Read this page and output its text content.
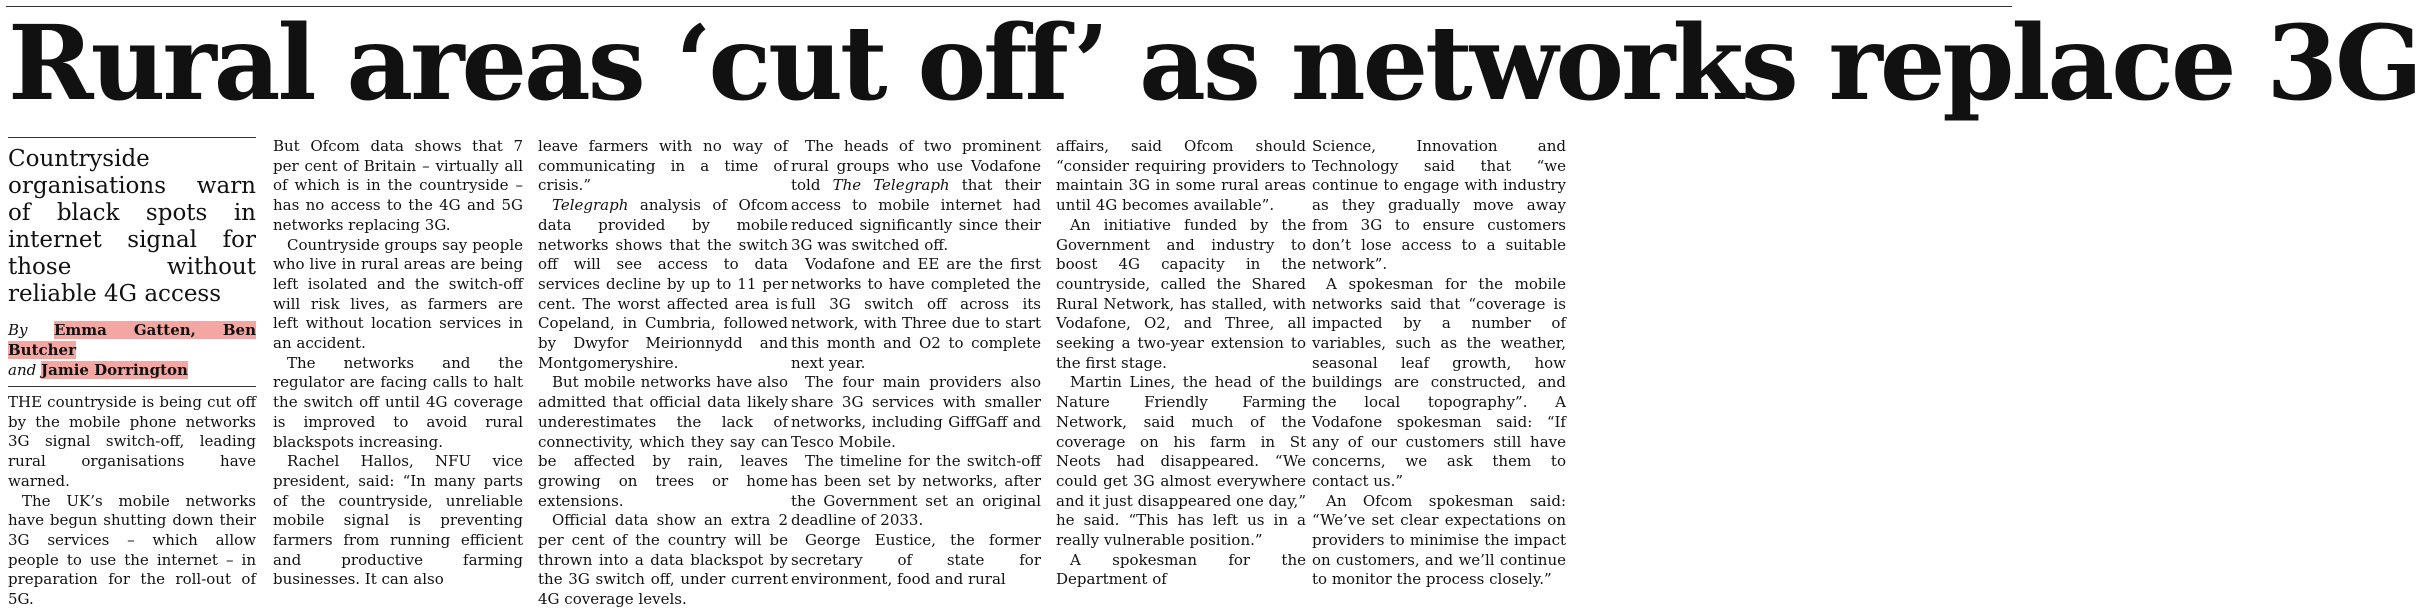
Rural areas ‘cut off’ as networks replace 3G

Countryside organisations warn of black spots in internet signal for those without reliable 4G access

By Emma Gatten, Ben Butcher
and Jamie Dorrington

THE countryside is being cut off by the mobile phone networks 3G signal switch-off, leading rural organisations have warned.

The UK’s mobile networks have begun shutting down their 3G services – which allow people to use the internet – in preparation for the roll-out of 5G.

But Ofcom data shows that 7 per cent of Britain – virtually all of which is in the countryside – has no access to the 4G and 5G networks replacing 3G.

Countryside groups say people who live in rural areas are being left isolated and the switch-off will risk lives, as farmers are left without location services in an accident.

The networks and the regulator are facing calls to halt the switch off until 4G coverage is improved to avoid rural blackspots increasing.

Rachel Hallos, NFU vice president, said: “In many parts of the countryside, unreliable mobile signal is preventing farmers from running efficient and productive farming businesses. It can also

leave farmers with no way of communicating in a time of crisis.”

Telegraph analysis of Ofcom data provided by mobile networks shows that the switch off will see access to data services decline by up to 11 per cent. The worst affected area is Copeland, in Cumbria, followed by Dwyfor Meirionnydd and Montgomeryshire.

But mobile networks have also admitted that official data likely underestimates the lack of connectivity, which they say can be affected by rain, leaves growing on trees or home extensions.

Official data show an extra 2 per cent of the country will be thrown into a data blackspot by the 3G switch off, under current 4G coverage levels.

The heads of two prominent rural groups who use Vodafone told The Telegraph that their access to mobile internet had reduced significantly since their 3G was switched off.

Vodafone and EE are the first networks to have completed the full 3G switch off across its network, with Three due to start this month and O2 to complete next year.

The four main providers also share 3G services with smaller networks, including GiffGaff and Tesco Mobile.

The timeline for the switch-off has been set by networks, after the Government set an original deadline of 2033.

George Eustice, the former secretary of state for environment, food and rural

affairs, said Ofcom should “consider requiring providers to maintain 3G in some rural areas until 4G becomes available”.

An initiative funded by the Government and industry to boost 4G capacity in the countryside, called the Shared Rural Network, has stalled, with Vodafone, O2, and Three, all seeking a two-year extension to the first stage.

Martin Lines, the head of the Nature Friendly Farming Network, said much of the coverage on his farm in St Neots had disappeared. “We could get 3G almost everywhere and it just disappeared one day,” he said. “This has left us in a really vulnerable position.”

A spokesman for the Department of

Science, Innovation and Technology said that “we continue to engage with industry as they gradually move away from 3G to ensure customers don’t lose access to a suitable network”.

A spokesman for the mobile networks said that “coverage is impacted by a number of variables, such as the weather, seasonal leaf growth, how buildings are constructed, and the local topography”. A Vodafone spokesman said: “If any of our customers still have concerns, we ask them to contact us.”

An Ofcom spokesman said: “We’ve set clear expectations on providers to minimise the impact on customers, and we’ll continue to monitor the process closely.”
